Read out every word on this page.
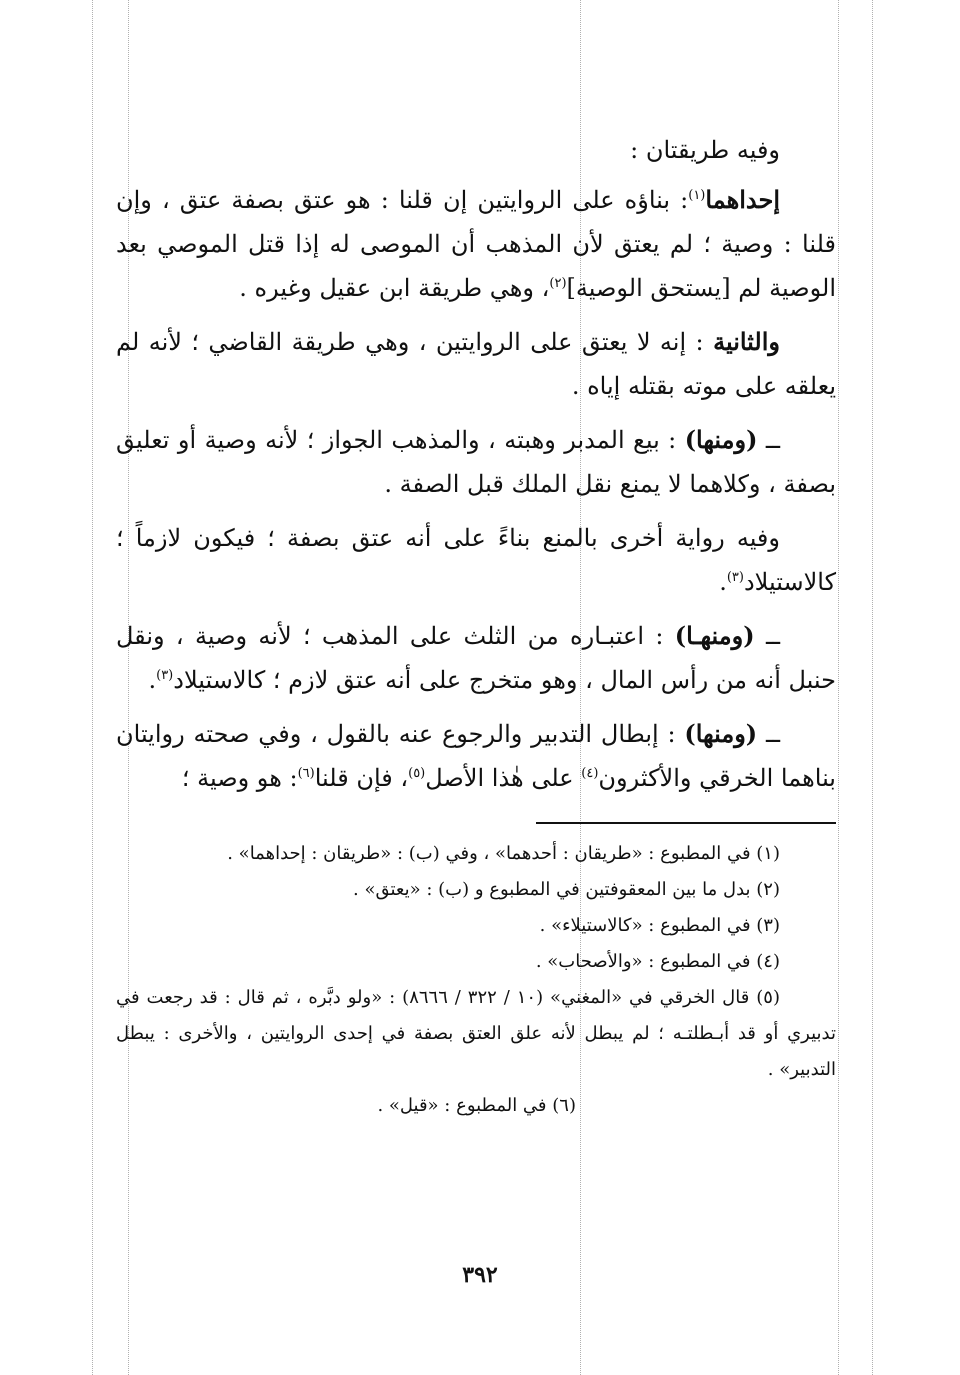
وفيه طريقتان :

إحداهما$^{(١)}$: بناؤه على الروايتين إن قلنا : هو عتق بصفة عتق ، وإن قلنا : وصية ؛ لم يعتق لأن المذهب أن الموصى له إذا قتل الموصي بعد الوصية لم [يستحق الوصية]$^{(٢)}$، وهي طريقة ابن عقيل وغيره .

والثانية : إنه لا يعتق على الروايتين ، وهي طريقة القاضي ؛ لأنه لم يعلقه على موته بقتله إياه .

ــ (ومنها) : بيع المدبر وهبته ، والمذهب الجواز ؛ لأنه وصية أو تعليق بصفة ، وكلاهما لا يمنع نقل الملك قبل الصفة .

وفيه رواية أخرى بالمنع بناءً على أنه عتق بصفة ؛ فيكون لازماً ؛ كالاستيلاد$^{(٣)}$.

ــ (ومنهـا) : اعتبـاره من الثلث على المذهب ؛ لأنه وصية ، ونقل حنبل أنه من رأس المال ، وهو متخرج على أنه عتق لازم ؛ كالاستيلاد$^{(٣)}$.

ــ (ومنها) : إبطال التدبير والرجوع عنه بالقول ، وفي صحته روايتان بناهما الخرقي والأكثرون$^{(٤)}$ على هٰذا الأصل$^{(٥)}$، فإن قلنا$^{(٦)}$: هو وصية ؛

(١) في المطبوع : «طريقان : أحدهما» ، وفي (ب) : «طريقان : إحداهما» .

(٢) بدل ما بين المعقوفتين في المطبوع و (ب) : «يعتق» .

(٣) في المطبوع : «كالاستيلاء» .

(٤) في المطبوع : «والأصحاب» .

(٥) قال الخرقي في «المغني» (١٠ / ٣٢٢ / ٨٦٦٦) : «ولو دبَّره ، ثم قال : قد رجعت في تدبيري أو قد أبـطلتـه ؛ لم يبطل لأنه علق العتق بصفة في إحدى الروايتين ، والأخرى : يبطل التدبير» .

(٦) في المطبوع : «قيل» .

٣٩٢
